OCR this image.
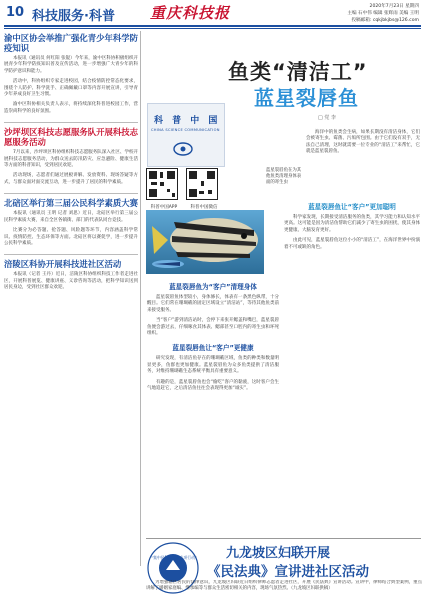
10 科技服务·科普 重庆科技报	2020年7月23日 星期四
主编 石中伟 编辑 张辉雨 美编 王明
投稿邮箱: cqkjbkjbs@126.com
渝中区协会举推广强化青少年科学防疫知识

本报讯（通讯员 何红阳 张锟）今年来，渝中区科协积极组织开展青少年科学防疫知识普及宣传活动，进一步增强广大青少年的科学防护意识和能力。

活动中，科协组织专家走进校园，结合疫情防控常态化要求，围绕个人防护、科学洗手、正确佩戴口罩等内容开展宣讲，引导青少年养成良好卫生习惯。

渝中区科协相关负责人表示，将持续深化科普进校园工作，营造崇尚科学的良好氛围。

沙坪坝区科技志愿服务队开展科技志愿服务活动

7月以来，沙坪坝区科协组织科技志愿服务队深入社区、学校开展科技志愿服务活动，为群众送去防汛防灾、应急避险、健康生活等方面的科普知识，受到居民欢迎。

活动现场，志愿者们通过展板讲解、发放资料、现场答疑等方式，与群众面对面交流互动，进一步提升了居民的科学素质。

北碚区举行第三届公民科学素质大赛

本报讯（通讯员 王明 记者 刘思）近日，北碚区举行第三届公民科学素质大赛，来自全区各镇街、部门的代表队同台竞技。

比赛分为必答题、抢答题、风险题等环节，内容涵盖科学常识、疫情防控、生态环保等方面。北碚区将以赛促学，进一步提升公民科学素质。

涪陵区科协开展科技进社区活动

本报讯（记者 王丹）近日，涪陵区科协组织科技工作者走进社区，开展科普展览、健康讲座、义诊咨询等活动，把科学知识送到居民身边，受到社区群众欢迎。

鱼类“清洁工”
蓝星裂唇鱼
□ 党 李
科 普 中 国
CHINA SCIENCE COMMUNICATION
科普中国APP	科普中国微信
蓝星裂唇鱼在为其他鱼类清理身体表面的寄生虫
海洋中的鱼类会生病，如果长期没有清洁身体，它们会被寄生虫、霉菌、污垢所包围。由于它们没有双手，无法自己清理，这时就需要一位专业的“清洁工”来帮忙，它就是蓝星裂唇鱼。
蓝星裂唇鱼为“客户”清理身体

蓝星裂唇鱼体型较小，身体修长，体表有一条黑色纵带，十分醒目。它们常在珊瑚礁的固定区域设立“清洁站”，等待其他鱼类前来接受服务。

当“客户”游到清洁站时，会停下来张开鳃盖和嘴巴，蓝星裂唇鱼便会游过去，仔细啄食其体表、鳃部甚至口腔内的寄生虫和坏死组织。

蓝星裂唇鱼让“客户”更健康

研究发现，有清洁鱼存在的珊瑚礁区域，鱼类的种类和数量明显更多，鱼群也更加健康。蓝星裂唇鱼为众多鱼类提供了清洁服务，对维持珊瑚礁生态系统平衡具有重要意义。

有趣的是，蓝星裂唇鱼也会“偷吃”客户的黏液，这时客户会生气地追赶它，之后清洁鱼往往会表现得更加“诚实”。

蓝星裂唇鱼让“客户”更加聪明

科学家发现，长期接受清洁服务的鱼类，其学习能力和认知水平更高。这可能是因为清洁鱼帮助它们减少了寄生虫的困扰，使其身体更健康、大脑发育更好。

由此可见，蓝星裂唇鱼这位小小的“清洁工”，在海洋世界中扮演着不可或缺的角色。

“集中民科学素质专项行动” 九龙坡区妇联开展
《民法典》宣讲进社区活动
为增强辖区居民的法律意识，九龙坡区妇联近日组织律师志愿者走进社区，开展《民法典》宣讲活动。宣讲中，律师结合典型案例，重点讲解了婚姻家庭编、继承编等与群众生活密切相关的内容，现场气氛热烈。（九龙坡区妇联供稿）
